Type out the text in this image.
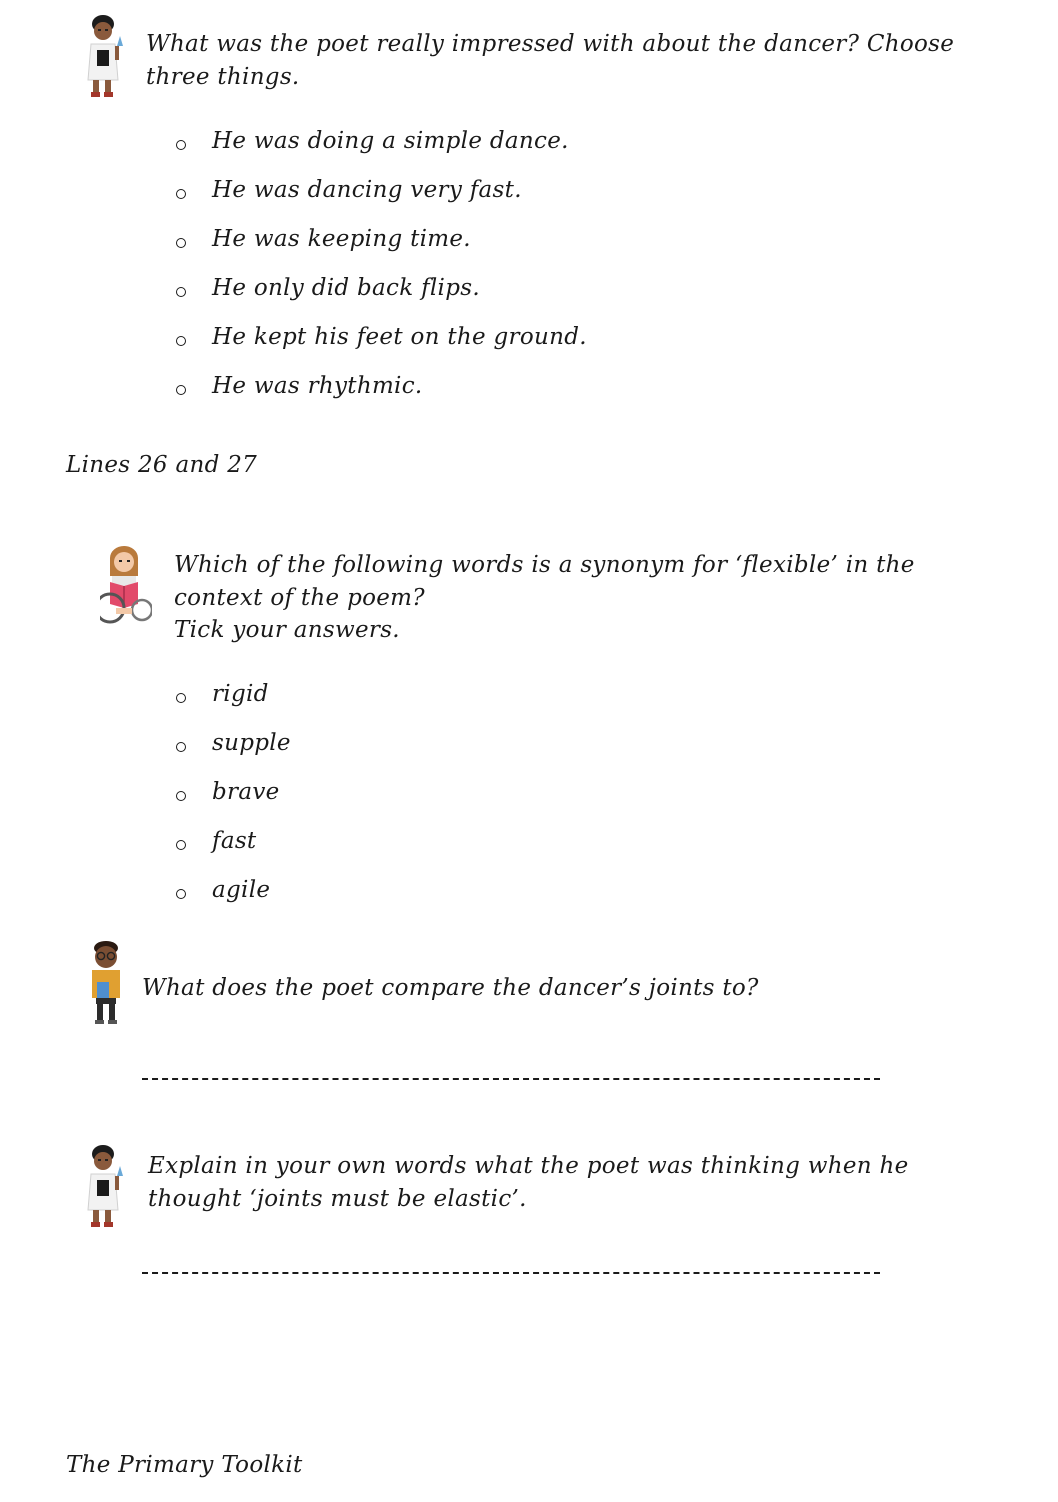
What was the poet really impressed with about the dancer? Choose three things.
He was doing a simple dance.
He was dancing very fast.
He was keeping time.
He only did back flips.
He kept his feet on the ground.
He was rhythmic.
Lines 26 and 27
Which of the following words is a synonym for ‘flexible’ in the context of the poem?
Tick your answers.
rigid
supple
brave
fast
agile
What does the poet compare the dancer’s joints to?
Explain in your own words what the poet was thinking when he thought ‘joints must be elastic’.
The Primary Toolkit
